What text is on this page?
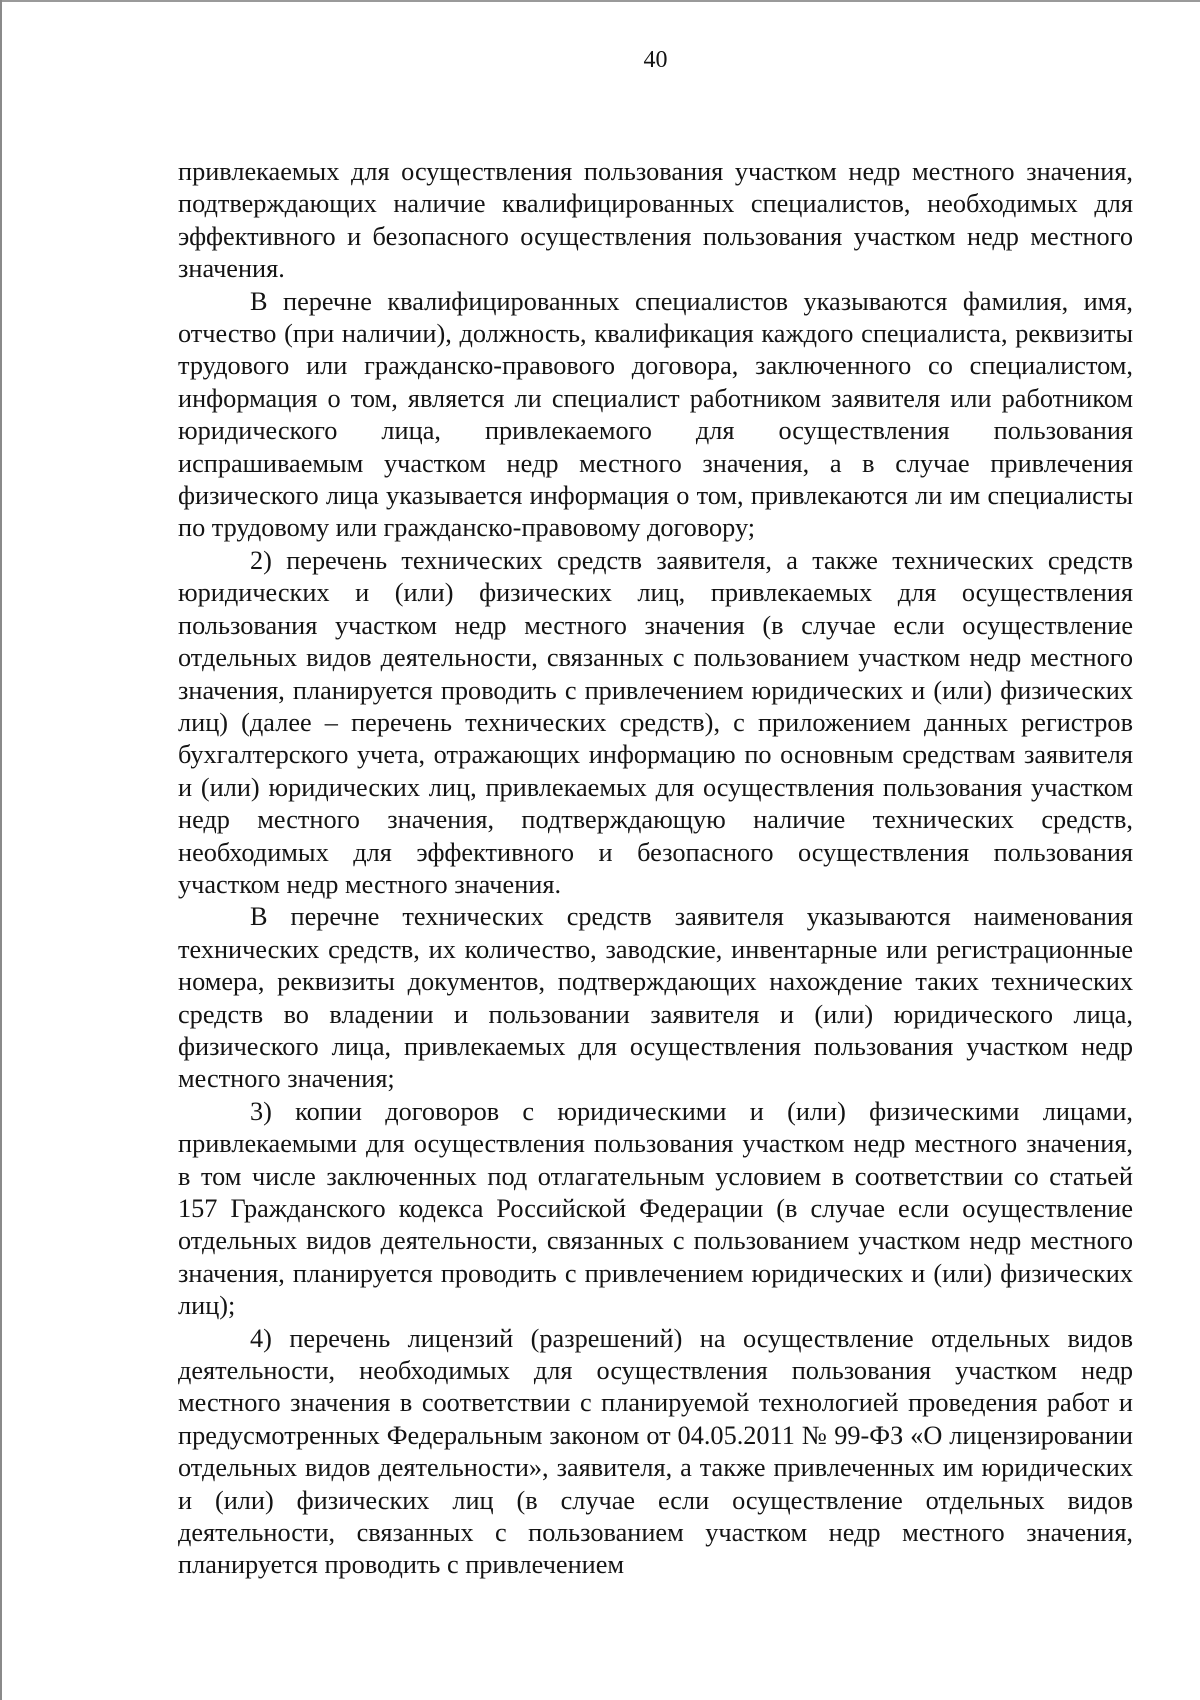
40

привлекаемых для осуществления пользования участком недр местного значения, подтверждающих наличие квалифицированных специалистов, необходимых для эффективного и безопасного осуществления пользования участком недр местного значения.

В перечне квалифицированных специалистов указываются фамилия, имя, отчество (при наличии), должность, квалификация каждого специалиста, реквизиты трудового или гражданско-правового договора, заключенного со специалистом, информация о том, является ли специалист работником заявителя или работником юридического лица, привлекаемого для осуществления пользования испрашиваемым участком недр местного значения, а в случае привлечения физического лица указывается информация о том, привлекаются ли им специалисты по трудовому или гражданско-правовому договору;

2) перечень технических средств заявителя, а также технических средств юридических и (или) физических лиц, привлекаемых для осуществления пользования участком недр местного значения (в случае если осуществление отдельных видов деятельности, связанных с пользованием участком недр местного значения, планируется проводить с привлечением юридических и (или) физических лиц) (далее – перечень технических средств), с приложением данных регистров бухгалтерского учета, отражающих информацию по основным средствам заявителя и (или) юридических лиц, привлекаемых для осуществления пользования участком недр местного значения, подтверждающую наличие технических средств, необходимых для эффективного и безопасного осуществления пользования участком недр местного значения.

В перечне технических средств заявителя указываются наименования технических средств, их количество, заводские, инвентарные или регистрационные номера, реквизиты документов, подтверждающих нахождение таких технических средств во владении и пользовании заявителя и (или) юридического лица, физического лица, привлекаемых для осуществления пользования участком недр местного значения;

3) копии договоров с юридическими и (или) физическими лицами, привлекаемыми для осуществления пользования участком недр местного значения, в том числе заключенных под отлагательным условием в соответствии со статьей 157 Гражданского кодекса Российской Федерации (в случае если осуществление отдельных видов деятельности, связанных с пользованием участком недр местного значения, планируется проводить с привлечением юридических и (или) физических лиц);

4) перечень лицензий (разрешений) на осуществление отдельных видов деятельности, необходимых для осуществления пользования участком недр местного значения в соответствии с планируемой технологией проведения работ и предусмотренных Федеральным законом от 04.05.2011 № 99-ФЗ «О лицензировании отдельных видов деятельности», заявителя, а также привлеченных им юридических и (или) физических лиц (в случае если осуществление отдельных видов деятельности, связанных с пользованием участком недр местного значения, планируется проводить с привлечением
